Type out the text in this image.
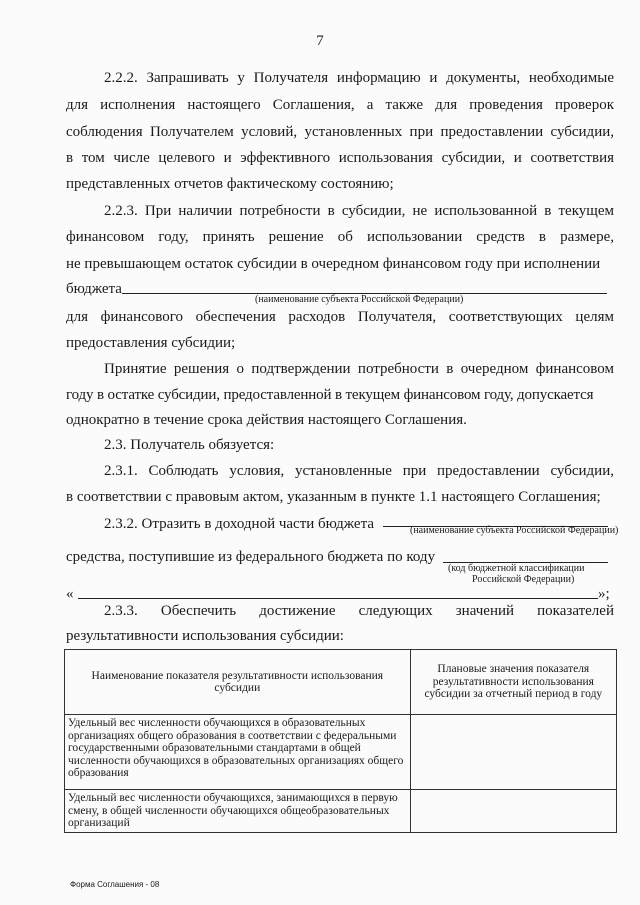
7
2.2.2. Запрашивать у Получателя информацию и документы, необходимые
для исполнения настоящего Соглашения, а также для проведения проверок
соблюдения Получателем условий, установленных при предоставлении субсидии,
в том числе целевого и эффективного использования субсидии, и соответствия
представленных отчетов фактическому состоянию;
2.2.3. При наличии потребности в субсидии, не использованной в текущем
финансовом году, принять решение об использовании средств в размере,
не превышающем остаток субсидии в очередном финансовом году при исполнении
бюджета
(наименование субъекта Российской Федерации)
для финансового обеспечения расходов Получателя, соответствующих целям
предоставления субсидии;
Принятие решения о подтверждении потребности в очередном финансовом
году в остатке субсидии, предоставленной в текущем финансовом году, допускается
однократно в течение срока действия настоящего Соглашения.
2.3. Получатель обязуется:
2.3.1. Соблюдать условия, установленные при предоставлении субсидии,
в соответствии с правовым актом, указанным в пункте 1.1 настоящего Соглашения;
2.3.2. Отразить в доходной части бюджета	(наименование субъекта Российской Федерации)
средства, поступившие из федерального бюджета по коду
(код бюджетной классификации
Российской Федерации)
«	»;
2.3.3. Обеспечить достижение следующих значений показателей
результативности использования субсидии:
Наименование показателя результативности использования субсидии	Плановые значения показателя результативности использования субсидии за отчетный период в году
Удельный вес численности обучающихся в образовательных организациях общего образования в соответствии с федеральными государственными образовательными стандартами в общей численности обучающихся в образовательных организациях общего образования	
Удельный вес численности обучающихся, занимающихся в первую смену, в общей численности обучающихся общеобразовательных организаций	
Форма Соглашения - 08
